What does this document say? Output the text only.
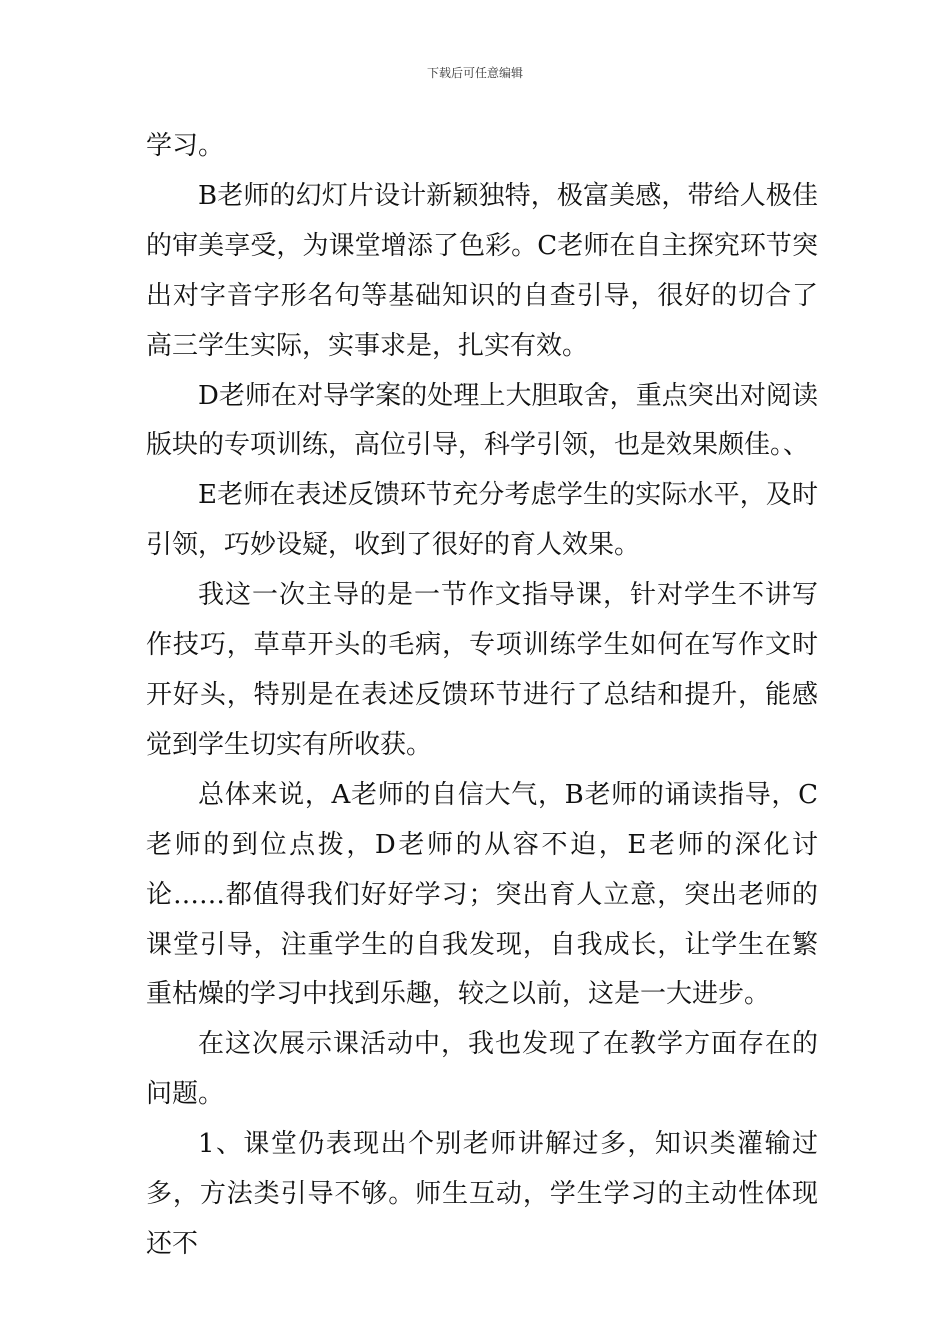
下载后可任意编辑

学习。

B老师的幻灯片设计新颖独特，极富美感，带给人极佳的审美享受，为课堂增添了色彩。C老师在自主探究环节突出对字音字形名句等基础知识的自查引导，很好的切合了高三学生实际，实事求是，扎实有效。

D老师在对导学案的处理上大胆取舍，重点突出对阅读版块的专项训练，高位引导，科学引领，也是效果颇佳。、

E老师在表述反馈环节充分考虑学生的实际水平，及时引领，巧妙设疑，收到了很好的育人效果。

我这一次主导的是一节作文指导课，针对学生不讲写作技巧，草草开头的毛病，专项训练学生如何在写作文时开好头，特别是在表述反馈环节进行了总结和提升，能感觉到学生切实有所收获。

总体来说，A老师的自信大气，B老师的诵读指导，C老师的到位点拨，D老师的从容不迫，E老师的深化讨论……都值得我们好好学习；突出育人立意，突出老师的课堂引导，注重学生的自我发现，自我成长，让学生在繁重枯燥的学习中找到乐趣，较之以前，这是一大进步。

在这次展示课活动中，我也发现了在教学方面存在的问题。

1、课堂仍表现出个别老师讲解过多，知识类灌输过多，方法类引导不够。师生互动，学生学习的主动性体现还不
